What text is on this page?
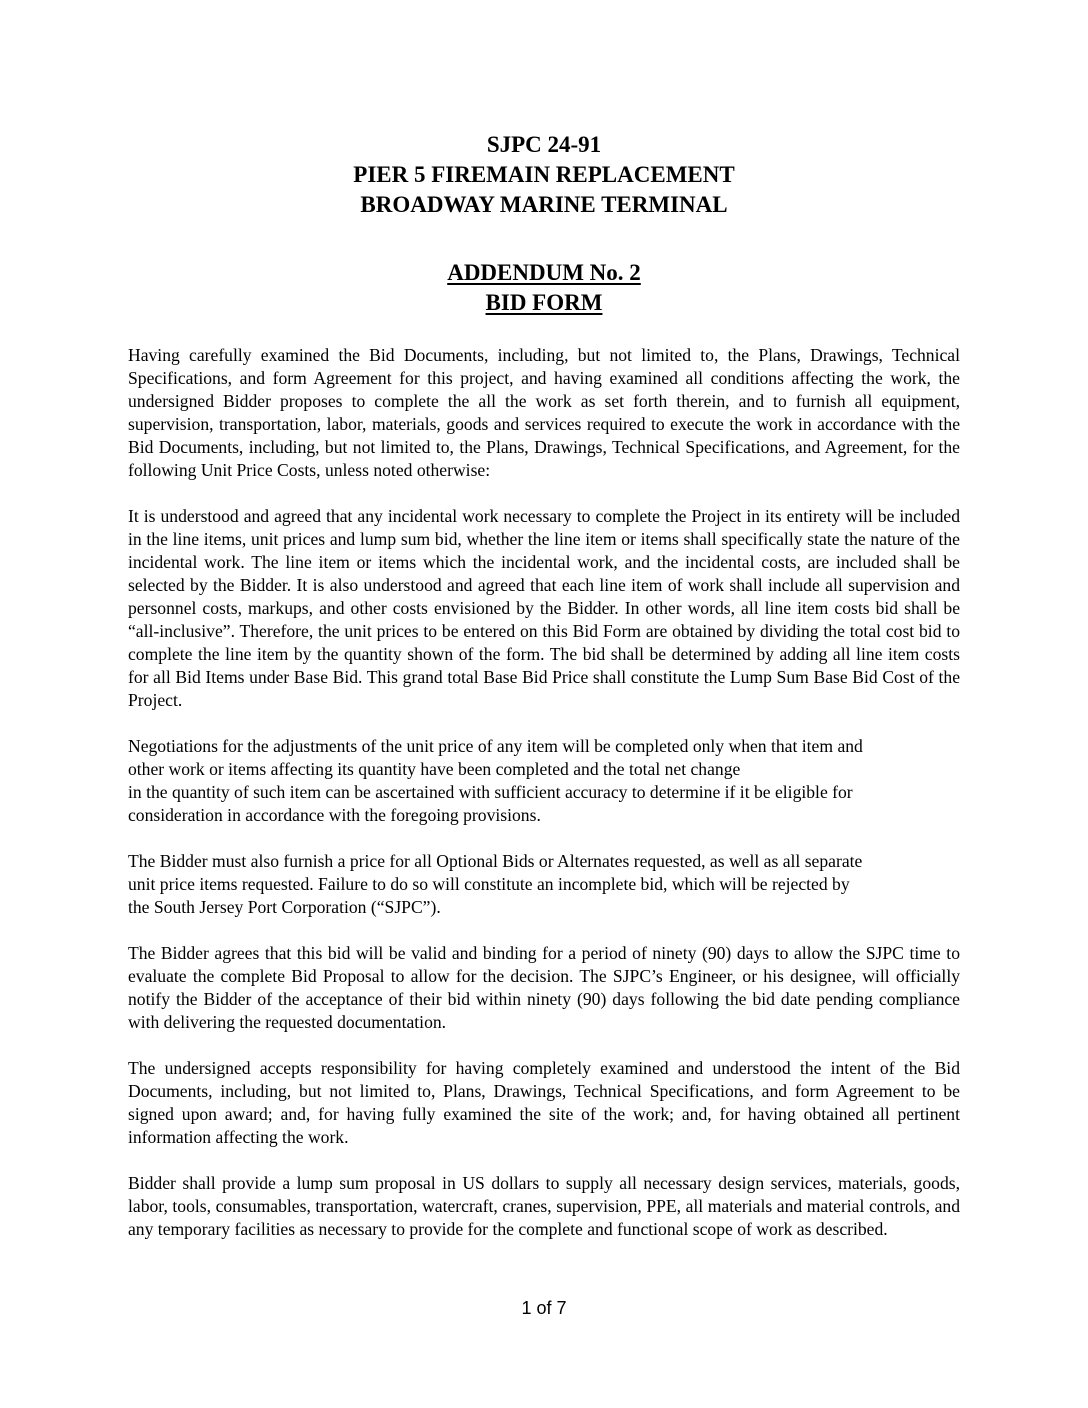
SJPC 24-91
PIER 5 FIREMAIN REPLACEMENT
BROADWAY MARINE TERMINAL
ADDENDUM No. 2
BID FORM

Having carefully examined the Bid Documents, including, but not limited to, the Plans, Drawings, Technical Specifications, and form Agreement for this project, and having examined all conditions affecting the work, the undersigned Bidder proposes to complete the all the work as set forth therein, and to furnish all equipment, supervision, transportation, labor, materials, goods and services required to execute the work in accordance with the Bid Documents, including, but not limited to, the Plans, Drawings, Technical Specifications, and Agreement, for the following Unit Price Costs, unless noted otherwise:

It is understood and agreed that any incidental work necessary to complete the Project in its entirety will be included in the line items, unit prices and lump sum bid, whether the line item or items shall specifically state the nature of the incidental work. The line item or items which the incidental work, and the incidental costs, are included shall be selected by the Bidder. It is also understood and agreed that each line item of work shall include all supervision and personnel costs, markups, and other costs envisioned by the Bidder. In other words, all line item costs bid shall be “all-inclusive”. Therefore, the unit prices to be entered on this Bid Form are obtained by dividing the total cost bid to complete the line item by the quantity shown of the form. The bid shall be determined by adding all line item costs for all Bid Items under Base Bid. This grand total Base Bid Price shall constitute the Lump Sum Base Bid Cost of the Project.

Negotiations for the adjustments of the unit price of any item will be completed only when that item and
other work or items affecting its quantity have been completed and the total net change
in the quantity of such item can be ascertained with sufficient accuracy to determine if it be eligible for
consideration in accordance with the foregoing provisions.

The Bidder must also furnish a price for all Optional Bids or Alternates requested, as well as all separate
unit price items requested. Failure to do so will constitute an incomplete bid, which will be rejected by
the South Jersey Port Corporation (“SJPC”).

The Bidder agrees that this bid will be valid and binding for a period of ninety (90) days to allow the SJPC time to evaluate the complete Bid Proposal to allow for the decision. The SJPC’s Engineer, or his designee, will officially notify the Bidder of the acceptance of their bid within ninety (90) days following the bid date pending compliance with delivering the requested documentation.

The undersigned accepts responsibility for having completely examined and understood the intent of the Bid Documents, including, but not limited to, Plans, Drawings, Technical Specifications, and form Agreement to be signed upon award; and, for having fully examined the site of the work; and, for having obtained all pertinent information affecting the work.

Bidder shall provide a lump sum proposal in US dollars to supply all necessary design services, materials, goods, labor, tools, consumables, transportation, watercraft, cranes, supervision, PPE, all materials and material controls, and any temporary facilities as necessary to provide for the complete and functional scope of work as described.

1 of 7
